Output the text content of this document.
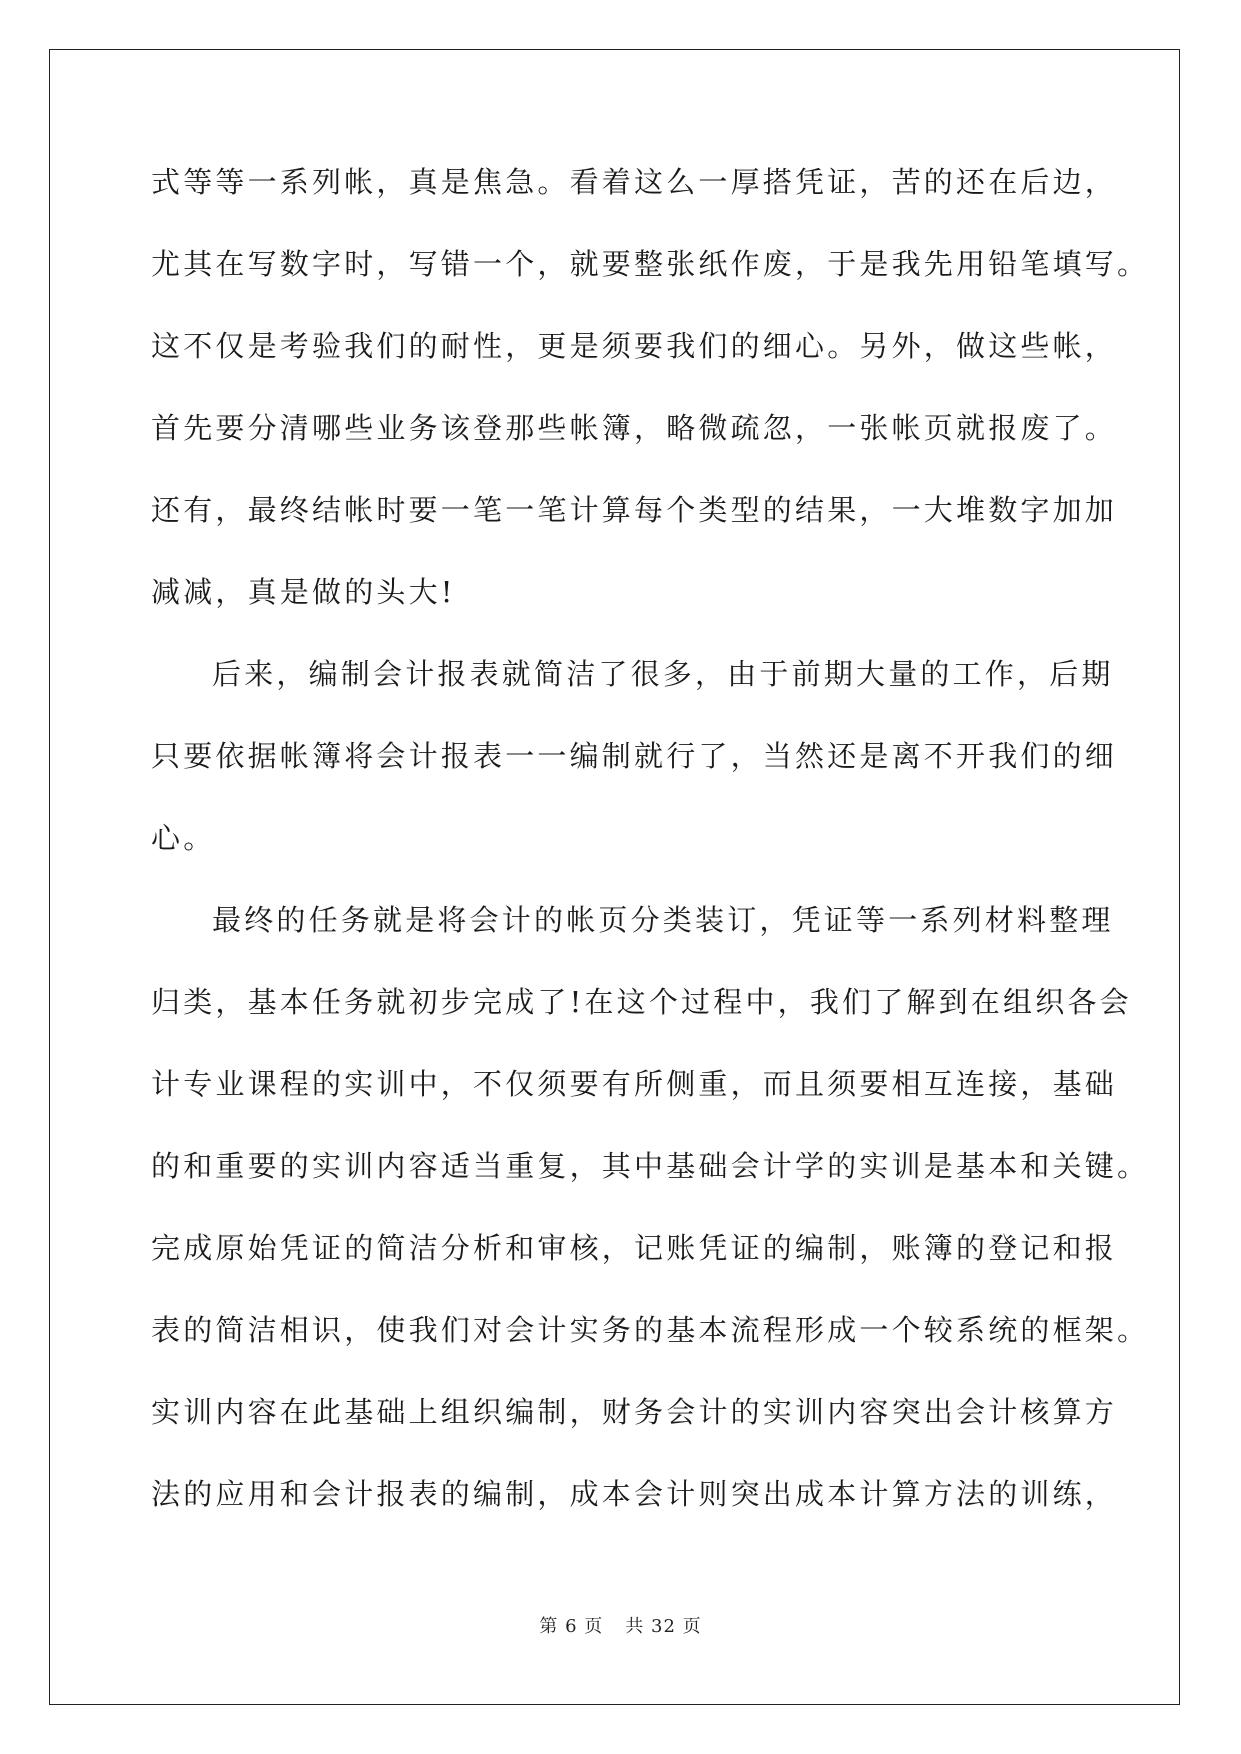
式等等一系列帐，真是焦急。看着这么一厚搭凭证，苦的还在后边，
尤其在写数字时，写错一个，就要整张纸作废，于是我先用铅笔填写。
这不仅是考验我们的耐性，更是须要我们的细心。另外，做这些帐，
首先要分清哪些业务该登那些帐簿，略微疏忽，一张帐页就报废了。
还有，最终结帐时要一笔一笔计算每个类型的结果，一大堆数字加加
减减，真是做的头大!
后来，编制会计报表就简洁了很多，由于前期大量的工作，后期
只要依据帐簿将会计报表一一编制就行了，当然还是离不开我们的细
心。
最终的任务就是将会计的帐页分类装订，凭证等一系列材料整理
归类，基本任务就初步完成了!在这个过程中，我们了解到在组织各会
计专业课程的实训中，不仅须要有所侧重，而且须要相互连接，基础
的和重要的实训内容适当重复，其中基础会计学的实训是基本和关键。
完成原始凭证的简洁分析和审核，记账凭证的编制，账簿的登记和报
表的简洁相识，使我们对会计实务的基本流程形成一个较系统的框架。
实训内容在此基础上组织编制，财务会计的实训内容突出会计核算方
法的应用和会计报表的编制，成本会计则突出成本计算方法的训练，
第 6 页 共 32 页
